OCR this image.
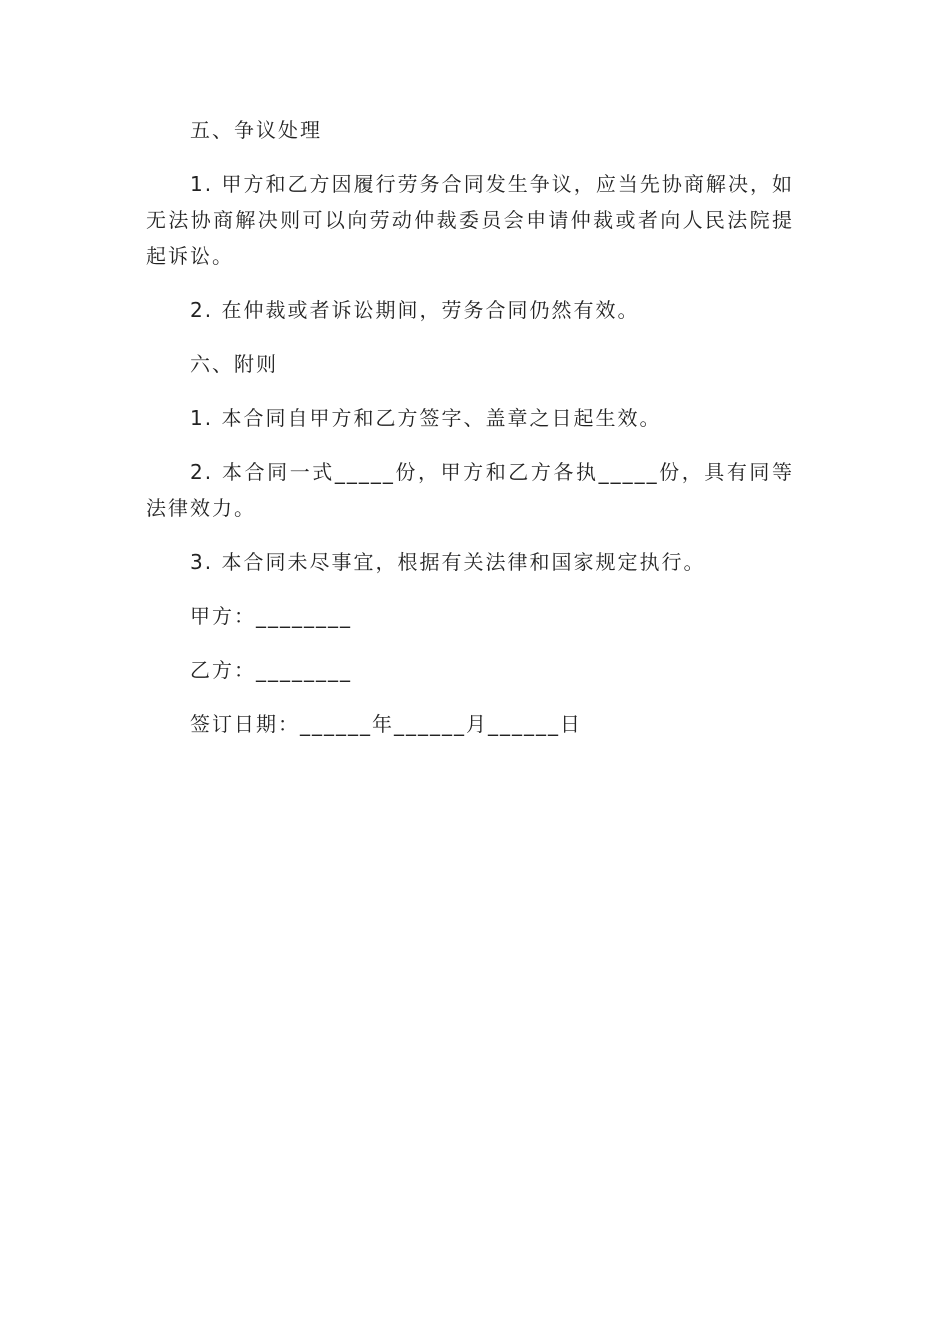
五、争议处理

1. 甲方和乙方因履行劳务合同发生争议，应当先协商解决，如无法协商解决则可以向劳动仲裁委员会申请仲裁或者向人民法院提起诉讼。

2. 在仲裁或者诉讼期间，劳务合同仍然有效。

六、附则

1. 本合同自甲方和乙方签字、盖章之日起生效。

2. 本合同一式_____份，甲方和乙方各执_____份，具有同等法律效力。

3. 本合同未尽事宜，根据有关法律和国家规定执行。

甲方：________

乙方：________

签订日期：______年______月______日
